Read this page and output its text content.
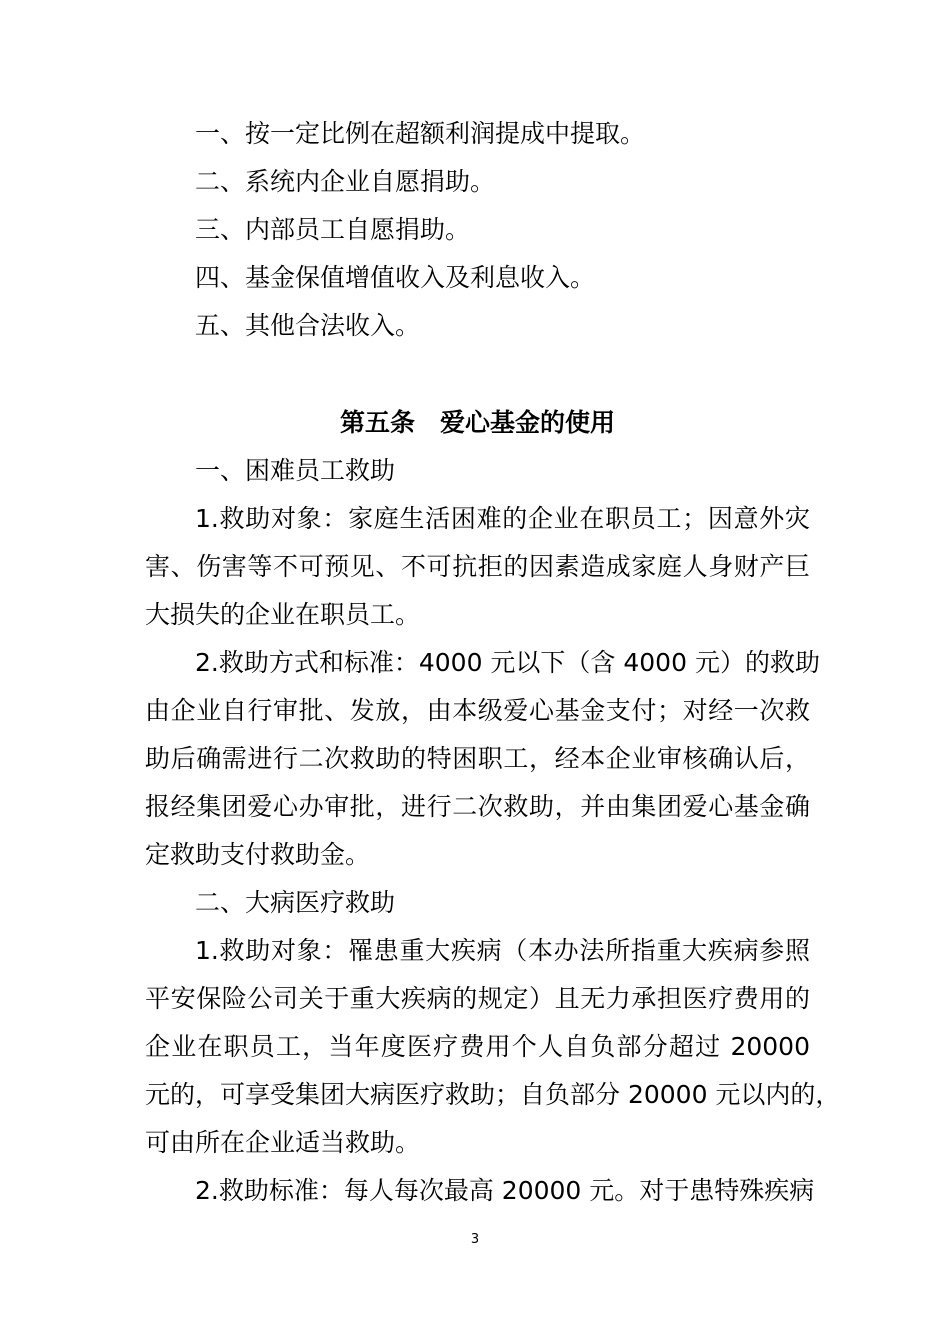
一、按一定比例在超额利润提成中提取。
二、系统内企业自愿捐助。
三、内部员工自愿捐助。
四、基金保值增值收入及利息收入。
五、其他合法收入。
第五条　爱心基金的使用
一、困难员工救助
1.救助对象：家庭生活困难的企业在职员工；因意外灾
害、伤害等不可预见、不可抗拒的因素造成家庭人身财产巨
大损失的企业在职员工。
2.救助方式和标准：4000 元以下（含 4000 元）的救助
由企业自行审批、发放，由本级爱心基金支付；对经一次救
助后确需进行二次救助的特困职工，经本企业审核确认后，
报经集团爱心办审批，进行二次救助，并由集团爱心基金确
定救助支付救助金。
二、大病医疗救助
1.救助对象：罹患重大疾病（本办法所指重大疾病参照
平安保险公司关于重大疾病的规定）且无力承担医疗费用的
企业在职员工，当年度医疗费用个人自负部分超过 20000
元的，可享受集团大病医疗救助；自负部分 20000 元以内的，
可由所在企业适当救助。
2.救助标准：每人每次最高 20000 元。对于患特殊疾病
3
